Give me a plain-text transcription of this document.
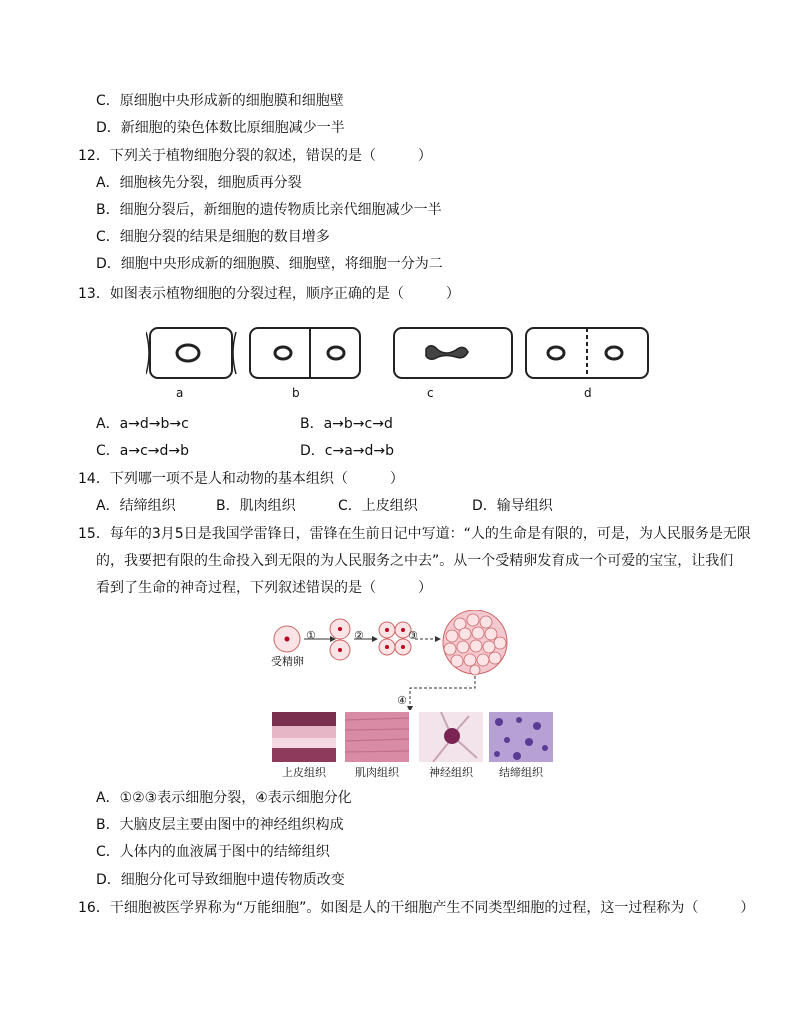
C．原细胞中央形成新的细胞膜和细胞壁
D．新细胞的染色体数比原细胞减少一半
12．下列关于植物细胞分裂的叙述，错误的是（　　　）
A．细胞核先分裂，细胞质再分裂
B．细胞分裂后，新细胞的遗传物质比亲代细胞减少一半
C．细胞分裂的结果是细胞的数目增多
D．细胞中央形成新的细胞膜、细胞壁，将细胞一分为二
13．如图表示植物细胞的分裂过程，顺序正确的是（　　　）
a	b	c	d
A．a→d→b→c	B．a→b→c→d
C．a→c→d→b	D．c→a→d→b
14．下列哪一项不是人和动物的基本组织（　　　）
A．结缔组织	B．肌肉组织	C．上皮组织	D．输导组织
15．每年的3月5日是我国学雷锋日，雷锋在生前日记中写道：“人的生命是有限的，可是，为人民服务是无限
的，我要把有限的生命投入到无限的为人民服务之中去”。从一个受精卵发育成一个可爱的宝宝，让我们
看到了生命的神奇过程，下列叙述错误的是（　　　）
受精卵
①	②	③
④
上皮组织	肌肉组织	神经组织	结缔组织
A．①②③表示细胞分裂，④表示细胞分化
B．大脑皮层主要由图中的神经组织构成
C．人体内的血液属于图中的结缔组织
D．细胞分化可导致细胞中遗传物质改变
16．干细胞被医学界称为“万能细胞”。如图是人的干细胞产生不同类型细胞的过程，这一过程称为（　　　）
